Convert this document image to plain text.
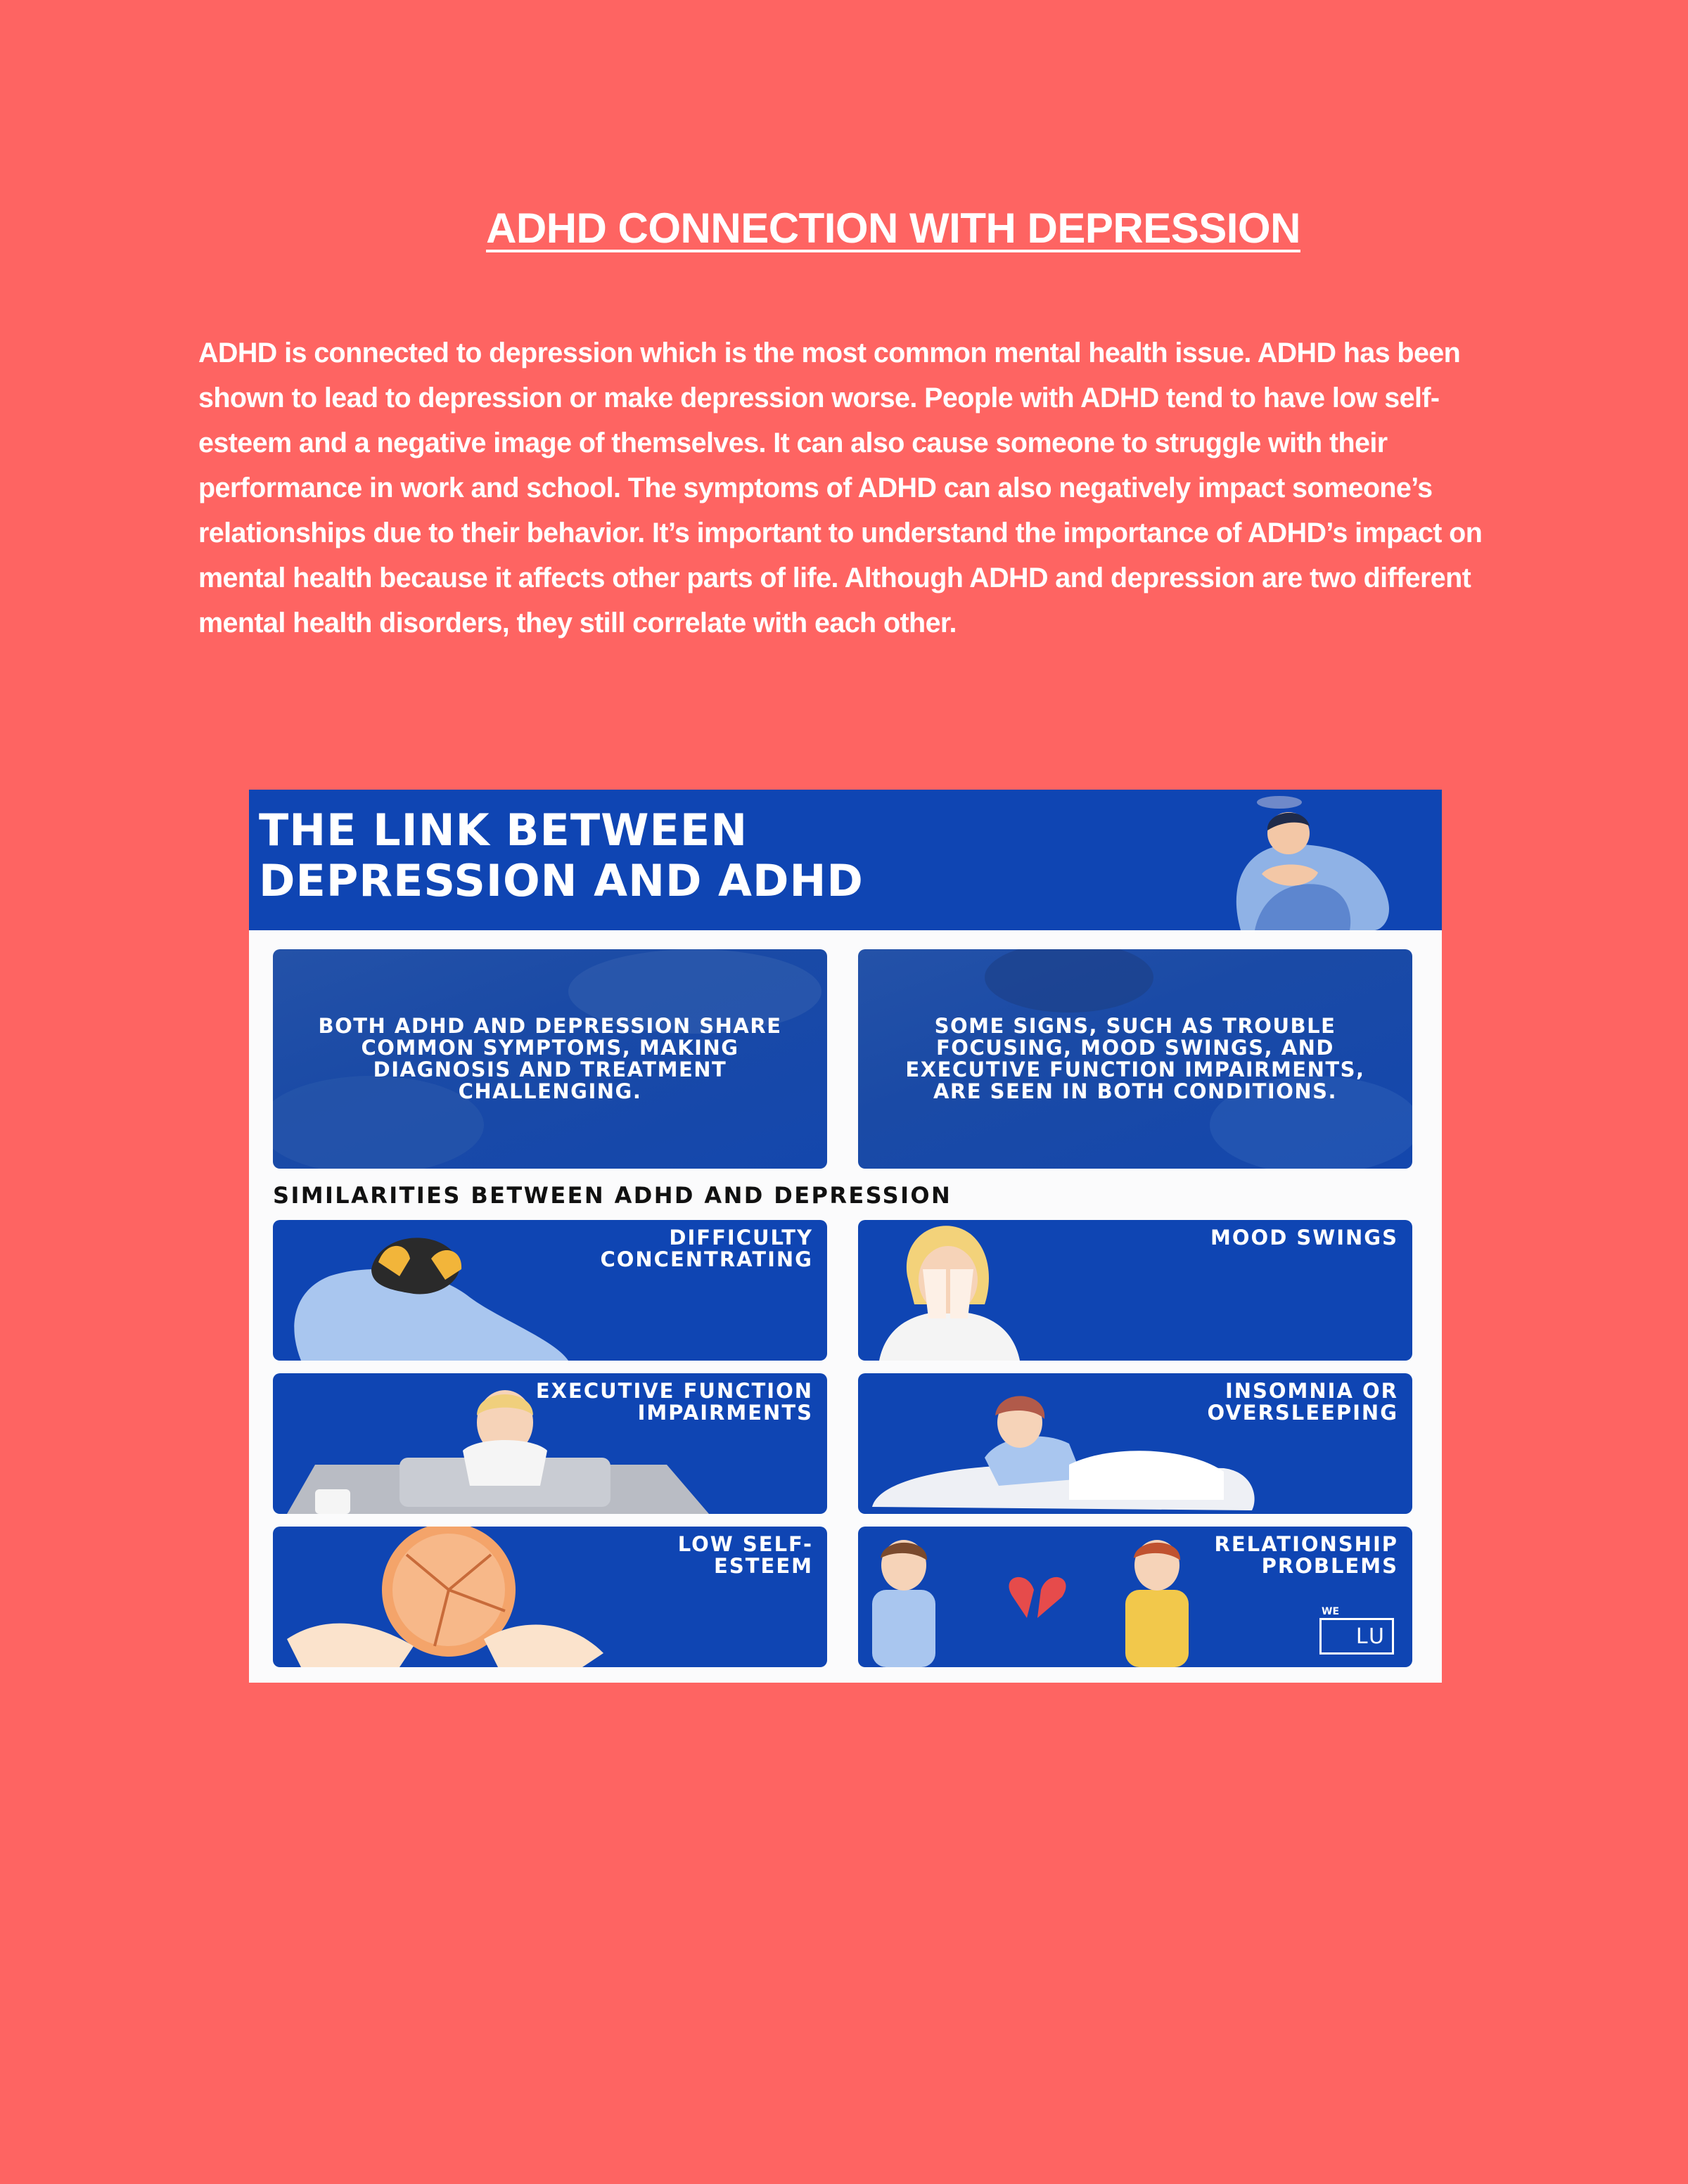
ADHD CONNECTION WITH DEPRESSION
ADHD is connected to depression which is the most common mental health issue. ADHD has been shown to lead to depression or make depression worse. People with ADHD tend to have low self-esteem and a negative image of themselves. It can also cause someone to struggle with their performance in work and school. The symptoms of ADHD can also negatively impact someone’s relationships due to their behavior. It’s important to understand the importance of ADHD’s impact on mental health because it affects other parts of life. Although ADHD and depression are two different mental health disorders, they still correlate with each other.
THE LINK BETWEEN
DEPRESSION AND ADHD
BOTH ADHD AND DEPRESSION SHARE COMMON SYMPTOMS, MAKING DIAGNOSIS AND TREATMENT CHALLENGING.
SOME SIGNS, SUCH AS TROUBLE FOCUSING, MOOD SWINGS, AND EXECUTIVE FUNCTION IMPAIRMENTS, ARE SEEN IN BOTH CONDITIONS.
SIMILARITIES BETWEEN ADHD AND DEPRESSION
DIFFICULTY
CONCENTRATING
MOOD SWINGS
EXECUTIVE FUNCTION
IMPAIRMENTS
INSOMNIA OR
OVERSLEEPING
LOW SELF-
ESTEEM
RELATIONSHIP
PROBLEMS
WE
LU
